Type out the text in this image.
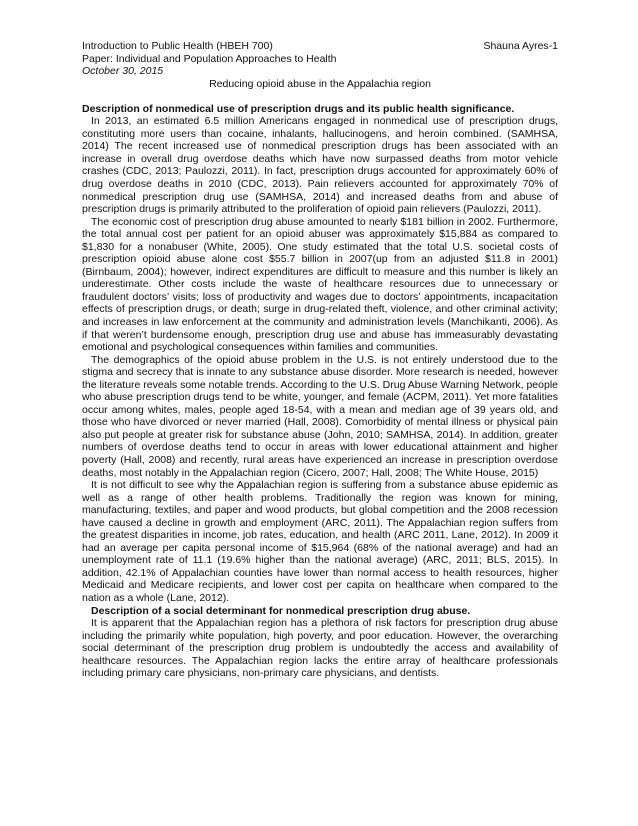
Introduction to Public Health (HBEH 700)	Shauna Ayres-1
Paper: Individual and Population Approaches to Health
October 30, 2015
Reducing opioid abuse in the Appalachia region
Description of nonmedical use of prescription drugs and its public health significance.

In 2013, an estimated 6.5 million Americans engaged in nonmedical use of prescription drugs, constituting more users than cocaine, inhalants, hallucinogens, and heroin combined. (SAMHSA, 2014) The recent increased use of nonmedical prescription drugs has been associated with an increase in overall drug overdose deaths which have now surpassed deaths from motor vehicle crashes (CDC, 2013; Paulozzi, 2011). In fact, prescription drugs accounted for approximately 60% of drug overdose deaths in 2010 (CDC, 2013). Pain relievers accounted for approximately 70% of nonmedical prescription drug use (SAMHSA, 2014) and increased deaths from and abuse of prescription drugs is primarily attributed to the proliferation of opioid pain relievers (Paulozzi, 2011).

The economic cost of prescription drug abuse amounted to nearly $181 billion in 2002. Furthermore, the total annual cost per patient for an opioid abuser was approximately $15,884 as compared to $1,830 for a nonabuser (White, 2005). One study estimated that the total U.S. societal costs of prescription opioid abuse alone cost $55.7 billion in 2007(up from an adjusted $11.8 in 2001) (Birnbaum, 2004); however, indirect expenditures are difficult to measure and this number is likely an underestimate. Other costs include the waste of healthcare resources due to unnecessary or fraudulent doctors’ visits; loss of productivity and wages due to doctors’ appointments, incapacitation effects of prescription drugs, or death; surge in drug-related theft, violence, and other criminal activity; and increases in law enforcement at the community and administration levels (Manchikanti, 2006). As if that weren’t burdensome enough, prescription drug use and abuse has immeasurably devastating emotional and psychological consequences within families and communities.

The demographics of the opioid abuse problem in the U.S. is not entirely understood due to the stigma and secrecy that is innate to any substance abuse disorder. More research is needed, however the literature reveals some notable trends. According to the U.S. Drug Abuse Warning Network, people who abuse prescription drugs tend to be white, younger, and female (ACPM, 2011). Yet more fatalities occur among whites, males, people aged 18-54, with a mean and median age of 39 years old, and those who have divorced or never married (Hall, 2008). Comorbidity of mental illness or physical pain also put people at greater risk for substance abuse (John, 2010; SAMHSA, 2014). In addition, greater numbers of overdose deaths tend to occur in areas with lower educational attainment and higher poverty (Hall, 2008) and recently, rural areas have experienced an increase in prescription overdose deaths, most notably in the Appalachian region (Cicero, 2007; Hall, 2008; The White House, 2015)

It is not difficult to see why the Appalachian region is suffering from a substance abuse epidemic as well as a range of other health problems. Traditionally the region was known for mining, manufacturing, textiles, and paper and wood products, but global competition and the 2008 recession have caused a decline in growth and employment (ARC, 2011). The Appalachian region suffers from the greatest disparities in income, job rates, education, and health (ARC 2011, Lane, 2012). In 2009 it had an average per capita personal income of $15,964 (68% of the national average) and had an unemployment rate of 11.1 (19.6% higher than the national average) (ARC, 2011; BLS, 2015). In addition, 42.1% of Appalachian counties have lower than normal access to health resources, higher Medicaid and Medicare recipients, and lower cost per capita on healthcare when compared to the nation as a whole (Lane, 2012).

Description of a social determinant for nonmedical prescription drug abuse.

It is apparent that the Appalachian region has a plethora of risk factors for prescription drug abuse including the primarily white population, high poverty, and poor education. However, the overarching social determinant of the prescription drug problem is undoubtedly the access and availability of healthcare resources. The Appalachian region lacks the entire array of healthcare professionals including primary care physicians, non-primary care physicians, and dentists.
